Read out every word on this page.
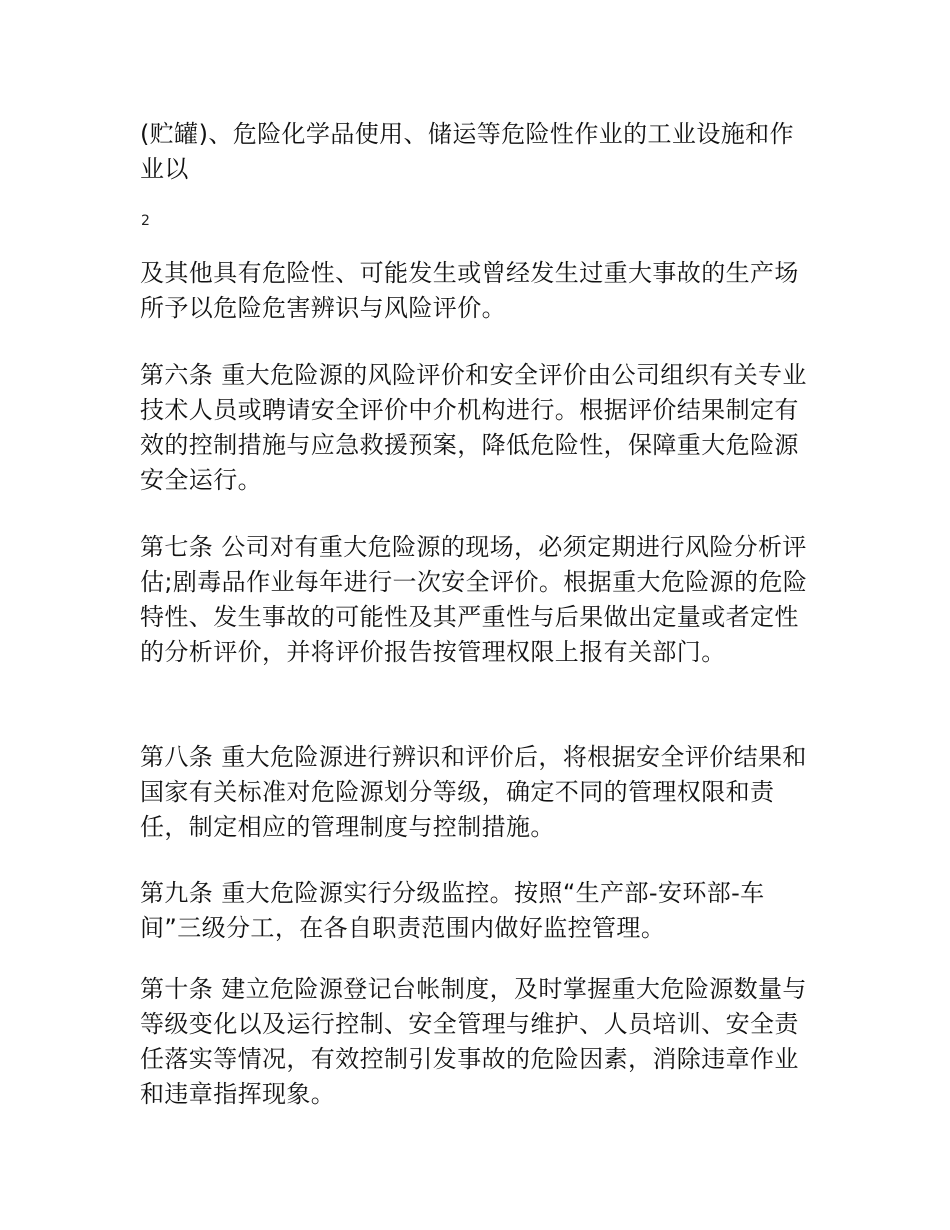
(贮罐)、危险化学品使用、储运等危险性作业的工业设施和作业以

2

及其他具有危险性、可能发生或曾经发生过重大事故的生产场所予以危险危害辨识与风险评价。

第六条 重大危险源的风险评价和安全评价由公司组织有关专业技术人员或聘请安全评价中介机构进行。根据评价结果制定有效的控制措施与应急救援预案，降低危险性，保障重大危险源安全运行。

第七条 公司对有重大危险源的现场，必须定期进行风险分析评估;剧毒品作业每年进行一次安全评价。根据重大危险源的危险特性、发生事故的可能性及其严重性与后果做出定量或者定性的分析评价，并将评价报告按管理权限上报有关部门。

第八条 重大危险源进行辨识和评价后，将根据安全评价结果和国家有关标准对危险源划分等级，确定不同的管理权限和责任，制定相应的管理制度与控制措施。

第九条 重大危险源实行分级监控。按照“生产部-安环部-车间”三级分工，在各自职责范围内做好监控管理。

第十条 建立危险源登记台帐制度，及时掌握重大危险源数量与等级变化以及运行控制、安全管理与维护、人员培训、安全责任落实等情况，有效控制引发事故的危险因素，消除违章作业和违章指挥现象。
